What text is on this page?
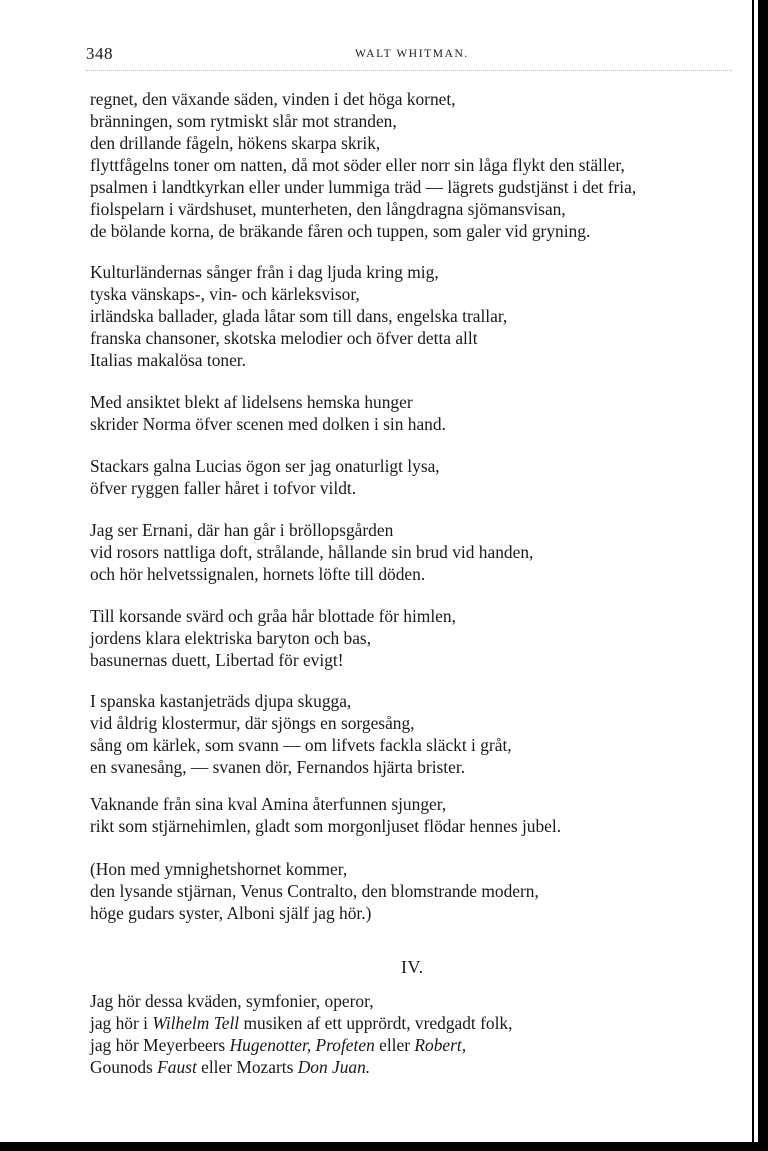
348	WALT WHITMAN.
regnet, den växande säden, vinden i det höga kornet,
bränningen, som rytmiskt slår mot stranden,
den drillande fågeln, hökens skarpa skrik,
flyttfågelns toner om natten, då mot söder eller norr sin låga flykt den ställer,
psalmen i landtkyrkan eller under lummiga träd — lägrets gudstjänst i det fria,
fiolspelarn i värdshuset, munterheten, den långdragna sjömansvisan,
de bölande korna, de bräkande fåren och tuppen, som galer vid gryning.
Kulturländernas sånger från i dag ljuda kring mig,
tyska vänskaps-, vin- och kärleksvisor,
irländska ballader, glada låtar som till dans, engelska trallar,
franska chansoner, skotska melodier och öfver detta allt
Italias makalösa toner.
Med ansiktet blekt af lidelsens hemska hunger
skrider Norma öfver scenen med dolken i sin hand.
Stackars galna Lucias ögon ser jag onaturligt lysa,
öfver ryggen faller håret i tofvor vildt.
Jag ser Ernani, där han går i bröllopsgården
vid rosors nattliga doft, strålande, hållande sin brud vid handen,
och hör helvetssignalen, hornets löfte till döden.
Till korsande svärd och gråa hår blottade för himlen,
jordens klara elektriska baryton och bas,
basunernas duett, Libertad för evigt!
I spanska kastanjeträds djupa skugga,
vid åldrig klostermur, där sjöngs en sorgesång,
sång om kärlek, som svann — om lifvets fackla släckt i gråt,
en svanesång, — svanen dör, Fernandos hjärta brister.
Vaknande från sina kval Amina återfunnen sjunger,
rikt som stjärnehimlen, gladt som morgonljuset flödar hennes jubel.
(Hon med ymnighetshornet kommer,
den lysande stjärnan, Venus Contralto, den blomstrande modern,
höge gudars syster, Alboni själf jag hör.)
IV.
Jag hör dessa kväden, symfonier, operor,
jag hör i Wilhelm Tell musiken af ett upprördt, vredgadt folk,
jag hör Meyerbeers Hugenotter, Profeten eller Robert,
Gounods Faust eller Mozarts Don Juan.
